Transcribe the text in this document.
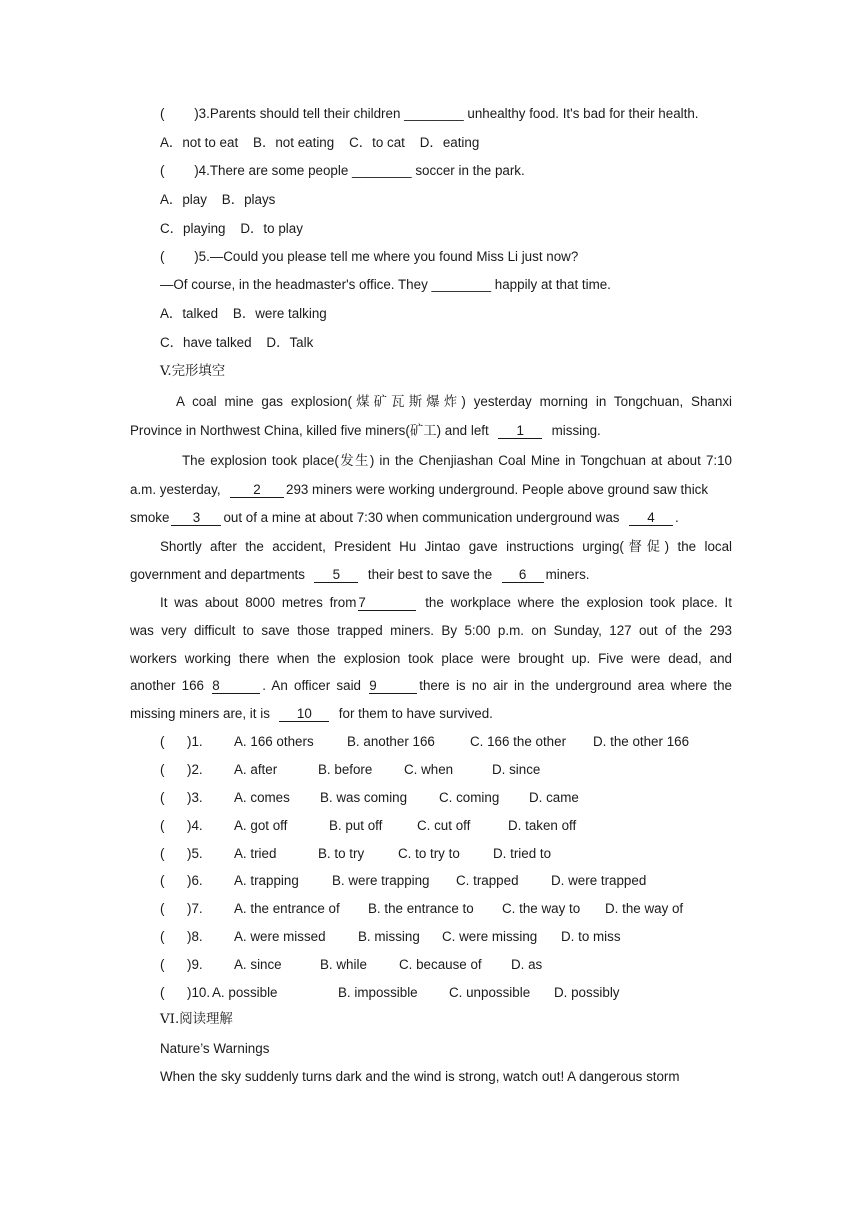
(        )3.Parents should tell their children ________ unhealthy food. It's bad for their health.
A．not to eat    B．not eating    C．to cat    D．eating
(        )4.There are some people ________ soccer in the park.
A．play    B．plays
C．playing    D．to play
(        )5.—Could you please tell me where you found Miss Li just now?
—Of course, in the headmaster's office. They ________ happily at that time.
A．talked    B．were talking
C．have talked    D．Talk
V.完形填空
A coal mine gas explosion(煤矿瓦斯爆炸) yesterday morning in Tongchuan, Shanxi
Province in Northwest China, killed five miners(矿工) and left 1 missing.
The explosion took place(发生) in the Chenjiashan Coal Mine in Tongchuan at about 7:10
a.m. yesterday, 2 293 miners were working underground. People above ground saw thick
smoke 3 out of a mine at about 7:30 when communication underground was 4 .
Shortly after the accident, President Hu Jintao gave instructions urging(督促) the local
government and departments 5 their best to save the 6 miners.
It was about 8000 metres from 7	the workplace where the explosion took place. It
was very difficult to save those trapped miners. By 5:00 p.m. on Sunday, 127 out of the 293
workers working there when the explosion took place were brought up. Five were dead, and
another 166 8	. An officer said 9	there is no air in the underground area where the
missing miners are, it is 10 for them to have survived.
( )1. A. 166 others B. another 166	C. 166 the other D. the other 166
( )2. A. after	B. before C. when	D. since
( )3. A. comes B. was coming C. coming D. came
( )4. A. got off	B. put off	C. cut off	D. taken off
( )5. A. tried	B. to try	C. to try to D. tried to
( )6. A. trapping B. were trapping C. trapped D. were trapped
( )7. A. the entrance of B. the entrance to C. the way to D. the way of
( )8. A. were missed B. missing C. were missing D. to miss
( )9. A. since	B. while C. because of D. as
( )10. A. possible	B. impossible C. unpossible D. possibly
VI.阅读理解
Nature’s Warnings
When the sky suddenly turns dark and the wind is strong, watch out! A dangerous storm
